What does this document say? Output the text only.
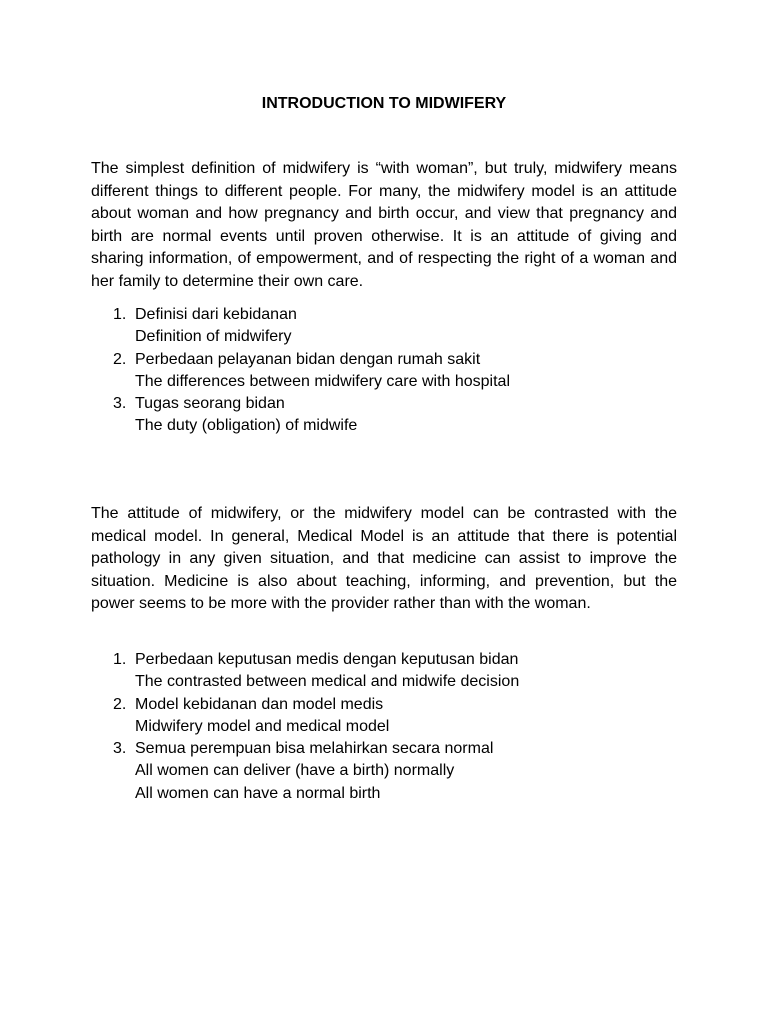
INTRODUCTION TO MIDWIFERY

The simplest definition of midwifery is “with woman”, but truly, midwifery means different things to different people. For many, the midwifery model is an attitude about woman and how pregnancy and birth occur, and view that pregnancy and birth are normal events until proven otherwise. It is an attitude of giving and sharing information, of empowerment, and of respecting the right of a woman and her family to determine their own care.

1. Definisi dari kebidanan
Definition of midwifery
2. Perbedaan pelayanan bidan dengan rumah sakit
The differences between midwifery care with hospital
3. Tugas seorang bidan
The duty (obligation) of midwife

The attitude of midwifery, or the midwifery model can be contrasted with the medical model. In general, Medical Model is an attitude that there is potential pathology in any given situation, and that medicine can assist to improve the situation. Medicine is also about teaching, informing, and prevention, but the power seems to be more with the provider rather than with the woman.

1. Perbedaan keputusan medis dengan keputusan bidan
The contrasted between medical and midwife decision
2. Model kebidanan dan model medis
Midwifery model and medical model
3. Semua perempuan bisa melahirkan secara normal
All women can deliver (have a birth) normally
All women can have a normal birth
